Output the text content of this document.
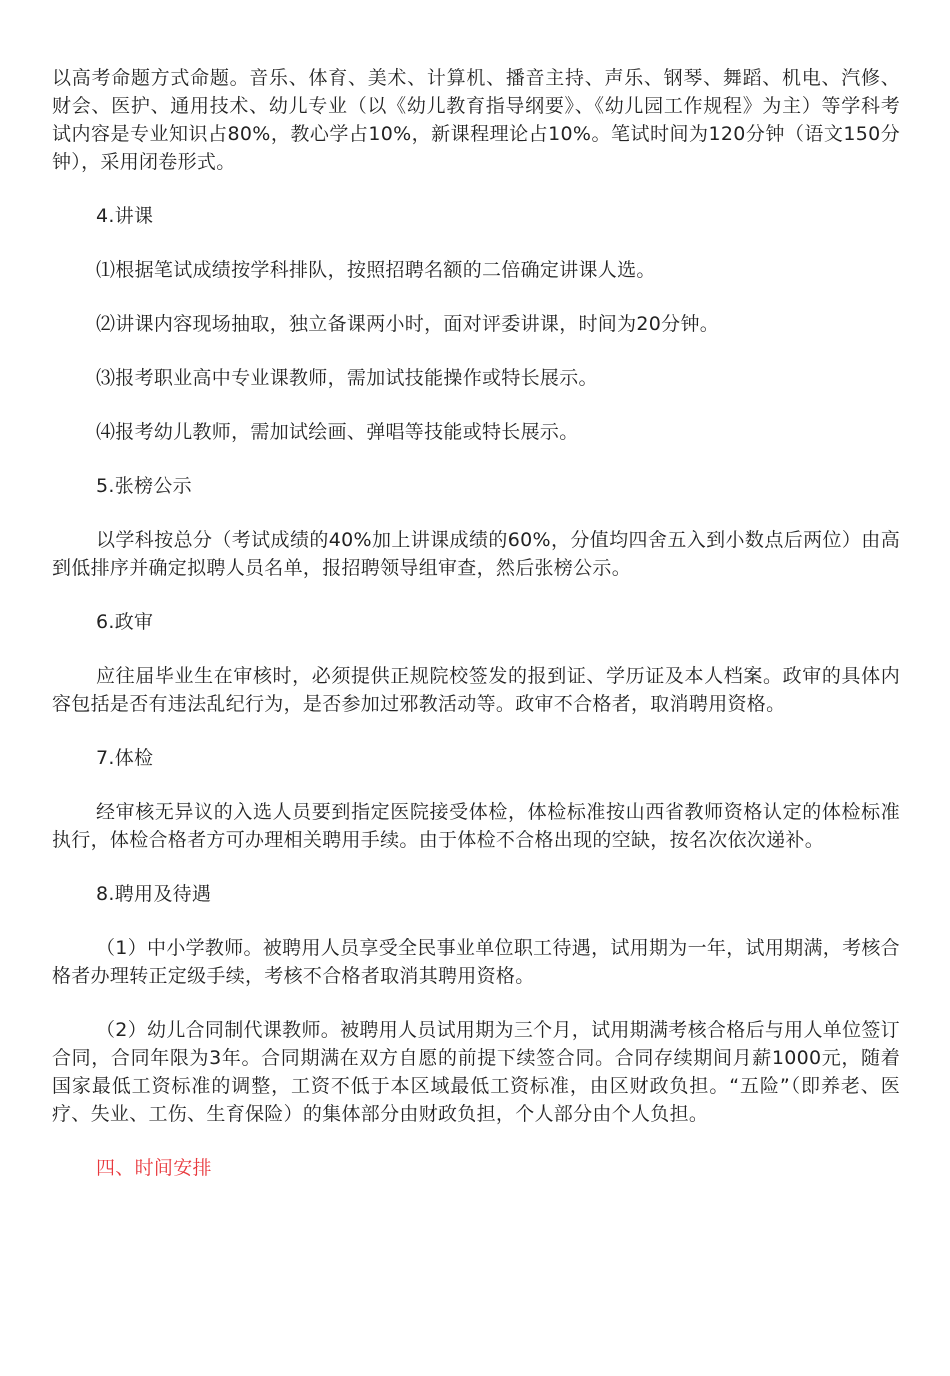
以高考命题方式命题。音乐、体育、美术、计算机、播音主持、声乐、钢琴、舞蹈、机电、汽修、财会、医护、通用技术、幼儿专业（以《幼儿教育指导纲要》、《幼儿园工作规程》为主）等学科考试内容是专业知识占80%，教心学占10%，新课程理论占10%。笔试时间为120分钟（语文150分钟），采用闭卷形式。

4.讲课

⑴根据笔试成绩按学科排队，按照招聘名额的二倍确定讲课人选。

⑵讲课内容现场抽取，独立备课两小时，面对评委讲课，时间为20分钟。

⑶报考职业高中专业课教师，需加试技能操作或特长展示。

⑷报考幼儿教师，需加试绘画、弹唱等技能或特长展示。

5.张榜公示

以学科按总分（考试成绩的40%加上讲课成绩的60%，分值均四舍五入到小数点后两位）由高到低排序并确定拟聘人员名单，报招聘领导组审查，然后张榜公示。

6.政审

应往届毕业生在审核时，必须提供正规院校签发的报到证、学历证及本人档案。政审的具体内容包括是否有违法乱纪行为，是否参加过邪教活动等。政审不合格者，取消聘用资格。

7.体检

经审核无异议的入选人员要到指定医院接受体检，体检标准按山西省教师资格认定的体检标准执行，体检合格者方可办理相关聘用手续。由于体检不合格出现的空缺，按名次依次递补。

8.聘用及待遇

（1）中小学教师。被聘用人员享受全民事业单位职工待遇，试用期为一年，试用期满，考核合格者办理转正定级手续，考核不合格者取消其聘用资格。

（2）幼儿合同制代课教师。被聘用人员试用期为三个月，试用期满考核合格后与用人单位签订合同，合同年限为3年。合同期满在双方自愿的前提下续签合同。合同存续期间月薪1000元，随着国家最低工资标准的调整，工资不低于本区域最低工资标准，由区财政负担。“五险”（即养老、医疗、失业、工伤、生育保险）的集体部分由财政负担，个人部分由个人负担。

四、时间安排
